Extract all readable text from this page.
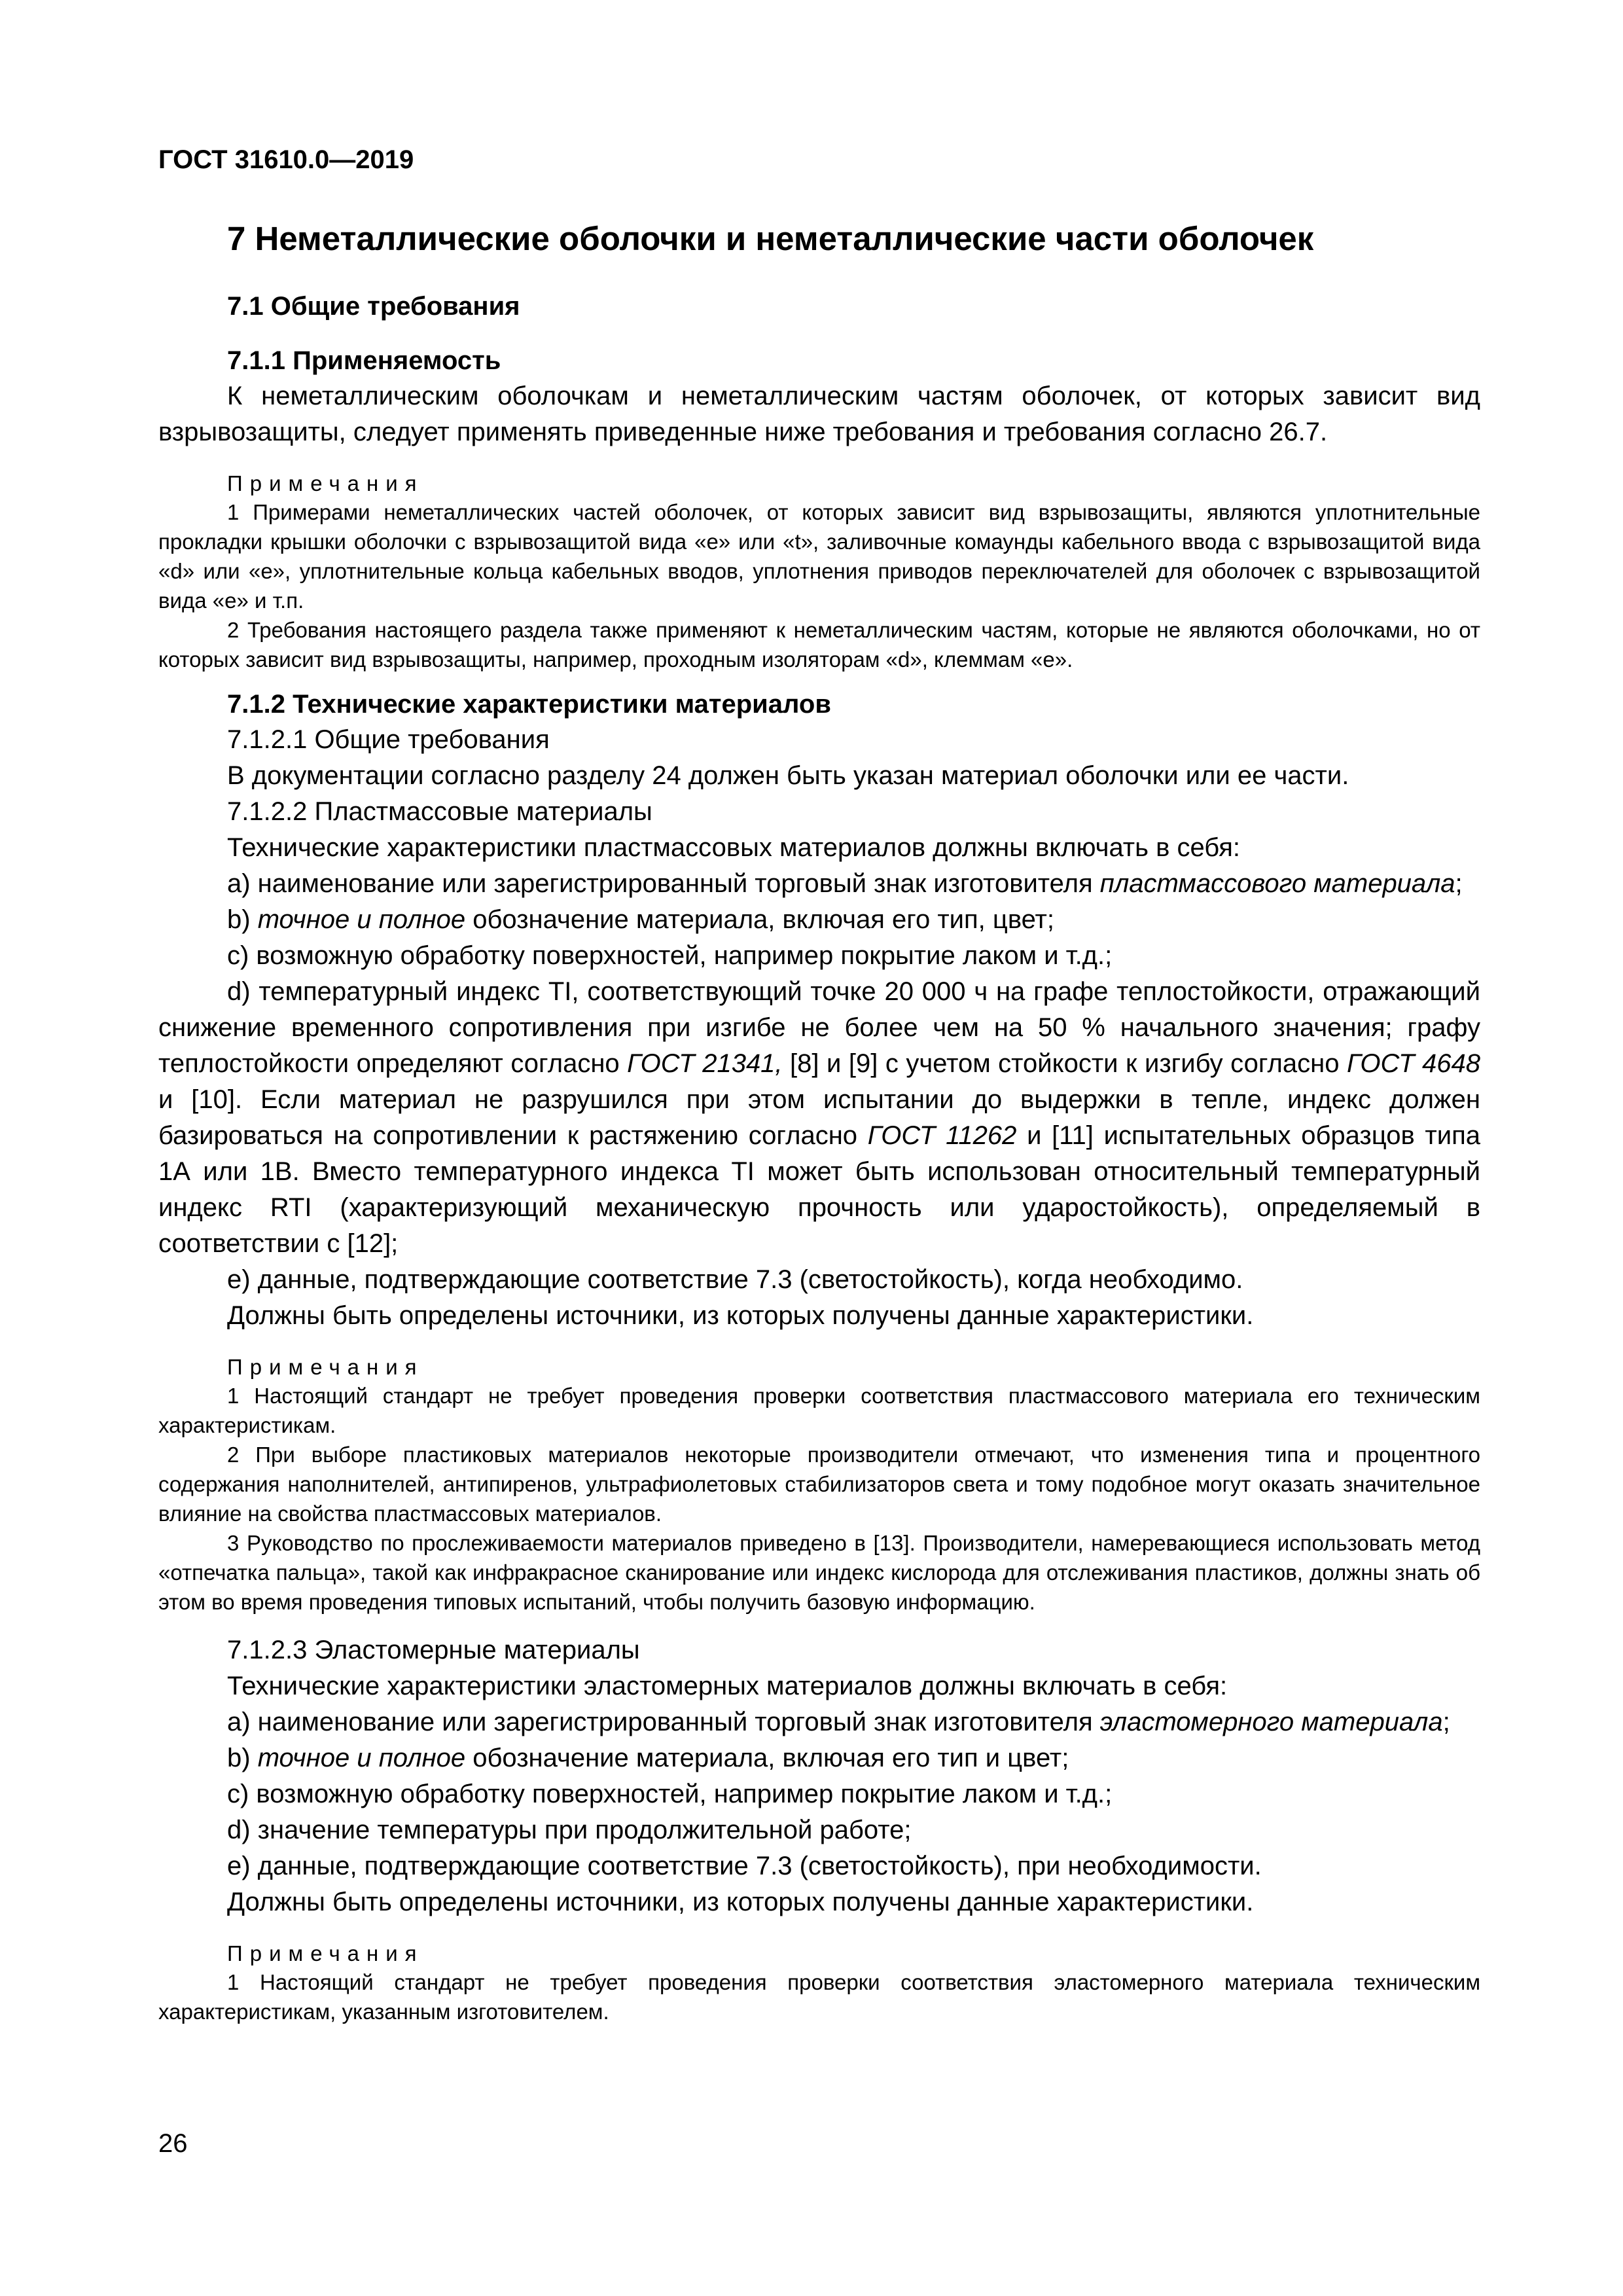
ГОСТ 31610.0—2019
7 Неметаллические оболочки и неметаллические части оболочек
7.1 Общие требования
7.1.1 Применяемость

К неметаллическим оболочкам и неметаллическим частям оболочек, от которых зависит вид взрывозащиты, следует применять приведенные ниже требования и требования согласно 26.7.

Примечания

1 Примерами неметаллических частей оболочек, от которых зависит вид взрывозащиты, являются уплотнительные прокладки крышки оболочки с взрывозащитой вида «е» или «t», заливочные комаунды кабельного ввода с взрывозащитой вида «d» или «е», уплотнительные кольца кабельных вводов, уплотнения приводов переключателей для оболочек с взрывозащитой вида «е» и т.п.

2 Требования настоящего раздела также применяют к неметаллическим частям, которые не являются оболочками, но от которых зависит вид взрывозащиты, например, проходным изоляторам «d», клеммам «е».

7.1.2 Технические характеристики материалов

7.1.2.1 Общие требования

В документации согласно разделу 24 должен быть указан материал оболочки или ее части.

7.1.2.2 Пластмассовые материалы

Технические характеристики пластмассовых материалов должны включать в себя:

a) наименование или зарегистрированный торговый знак изготовителя пластмассового материала;

b) точное и полное обозначение материала, включая его тип, цвет;

c) возможную обработку поверхностей, например покрытие лаком и т.д.;

d) температурный индекс TI, соответствующий точке 20 000 ч на графе теплостойкости, отражающий снижение временного сопротивления при изгибе не более чем на 50 % начального значения; графу теплостойкости определяют согласно ГОСТ 21341, [8] и [9] с учетом стойкости к изгибу согласно ГОСТ 4648 и [10]. Если материал не разрушился при этом испытании до выдержки в тепле, индекс должен базироваться на сопротивлении к растяжению согласно ГОСТ 11262 и [11] испытательных образцов типа 1А или 1В. Вместо температурного индекса TI может быть использован относительный температурный индекс RTI (характеризующий механическую прочность или ударостойкость), определяемый в соответствии с [12];

e) данные, подтверждающие соответствие 7.3 (светостойкость), когда необходимо.

Должны быть определены источники, из которых получены данные характеристики.

Примечания

1 Настоящий стандарт не требует проведения проверки соответствия пластмассового материала его техническим характеристикам.

2 При выборе пластиковых материалов некоторые производители отмечают, что изменения типа и процентного содержания наполнителей, антипиренов, ультрафиолетовых стабилизаторов света и тому подобное могут оказать значительное влияние на свойства пластмассовых материалов.

3 Руководство по прослеживаемости материалов приведено в [13]. Производители, намеревающиеся использовать метод «отпечатка пальца», такой как инфракрасное сканирование или индекс кислорода для отслеживания пластиков, должны знать об этом во время проведения типовых испытаний, чтобы получить базовую информацию.

7.1.2.3 Эластомерные материалы

Технические характеристики эластомерных материалов должны включать в себя:

a) наименование или зарегистрированный торговый знак изготовителя эластомерного материала;

b) точное и полное обозначение материала, включая его тип и цвет;

c) возможную обработку поверхностей, например покрытие лаком и т.д.;

d) значение температуры при продолжительной работе;

e) данные, подтверждающие соответствие 7.3 (светостойкость), при необходимости.

Должны быть определены источники, из которых получены данные характеристики.

Примечания

1 Настоящий стандарт не требует проведения проверки соответствия эластомерного материала техническим характеристикам, указанным изготовителем.

26
